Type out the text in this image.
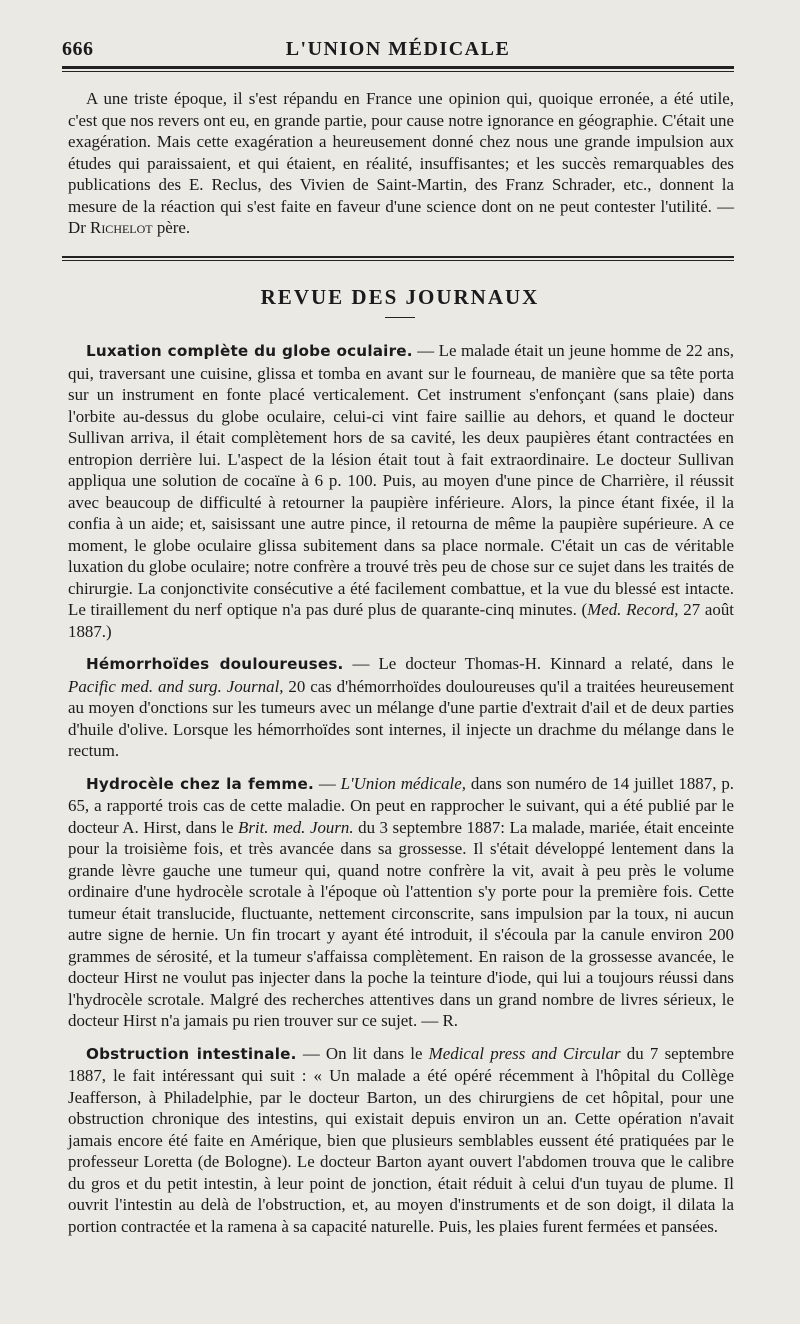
666	L'UNION MÉDICALE

A une triste époque, il s'est répandu en France une opinion qui, quoique erronée, a été utile, c'est que nos revers ont eu, en grande partie, pour cause notre ignorance en géographie. C'était une exagération. Mais cette exagération a heureusement donné chez nous une grande impulsion aux études qui paraissaient, et qui étaient, en réalité, insuffisantes; et les succès remarquables des publications des E. Reclus, des Vivien de Saint-Martin, des Franz Schrader, etc., donnent la mesure de la réaction qui s'est faite en faveur d'une science dont on ne peut contester l'utilité. — Dr Richelot père.

REVUE DES JOURNAUX

Luxation complète du globe oculaire. — Le malade était un jeune homme de 22 ans, qui, traversant une cuisine, glissa et tomba en avant sur le fourneau, de manière que sa tête porta sur un instrument en fonte placé verticalement. Cet instrument s'enfonçant (sans plaie) dans l'orbite au-dessus du globe oculaire, celui-ci vint faire saillie au dehors, et quand le docteur Sullivan arriva, il était complètement hors de sa cavité, les deux paupières étant contractées en entropion derrière lui. L'aspect de la lésion était tout à fait extraordinaire. Le docteur Sullivan appliqua une solution de cocaïne à 6 p. 100. Puis, au moyen d'une pince de Charrière, il réussit avec beaucoup de difficulté à retourner la paupière inférieure. Alors, la pince étant fixée, il la confia à un aide; et, saisissant une autre pince, il retourna de même la paupière supérieure. A ce moment, le globe oculaire glissa subitement dans sa place normale. C'était un cas de véritable luxation du globe oculaire; notre confrère a trouvé très peu de chose sur ce sujet dans les traités de chirurgie. La conjonctivite consécutive a été facilement combattue, et la vue du blessé est intacte. Le tiraillement du nerf optique n'a pas duré plus de quarante-cinq minutes. (Med. Record, 27 août 1887.)

Hémorrhoïdes douloureuses. — Le docteur Thomas-H. Kinnard a relaté, dans le Pacific med. and surg. Journal, 20 cas d'hémorrhoïdes douloureuses qu'il a traitées heureusement au moyen d'onctions sur les tumeurs avec un mélange d'une partie d'extrait d'ail et de deux parties d'huile d'olive. Lorsque les hémorrhoïdes sont internes, il injecte un drachme du mélange dans le rectum.

Hydrocèle chez la femme. — L'Union médicale, dans son numéro de 14 juillet 1887, p. 65, a rapporté trois cas de cette maladie. On peut en rapprocher le suivant, qui a été publié par le docteur A. Hirst, dans le Brit. med. Journ. du 3 septembre 1887: La malade, mariée, était enceinte pour la troisième fois, et très avancée dans sa grossesse. Il s'était développé lentement dans la grande lèvre gauche une tumeur qui, quand notre confrère la vit, avait à peu près le volume ordinaire d'une hydrocèle scrotale à l'époque où l'attention s'y porte pour la première fois. Cette tumeur était translucide, fluctuante, nettement circonscrite, sans impulsion par la toux, ni aucun autre signe de hernie. Un fin trocart y ayant été introduit, il s'écoula par la canule environ 200 grammes de sérosité, et la tumeur s'affaissa complètement. En raison de la grossesse avancée, le docteur Hirst ne voulut pas injecter dans la poche la teinture d'iode, qui lui a toujours réussi dans l'hydrocèle scrotale. Malgré des recherches attentives dans un grand nombre de livres sérieux, le docteur Hirst n'a jamais pu rien trouver sur ce sujet. — R.

Obstruction intestinale. — On lit dans le Medical press and Circular du 7 septembre 1887, le fait intéressant qui suit : « Un malade a été opéré récemment à l'hôpital du Collège Jeafferson, à Philadelphie, par le docteur Barton, un des chirurgiens de cet hôpital, pour une obstruction chronique des intestins, qui existait depuis environ un an. Cette opération n'avait jamais encore été faite en Amérique, bien que plusieurs semblables eussent été pratiquées par le professeur Loretta (de Bologne). Le docteur Barton ayant ouvert l'abdomen trouva que le calibre du gros et du petit intestin, à leur point de jonction, était réduit à celui d'un tuyau de plume. Il ouvrit l'intestin au delà de l'obstruction, et, au moyen d'instruments et de son doigt, il dilata la portion contractée et la ramena à sa capacité naturelle. Puis, les plaies furent fermées et pansées.
